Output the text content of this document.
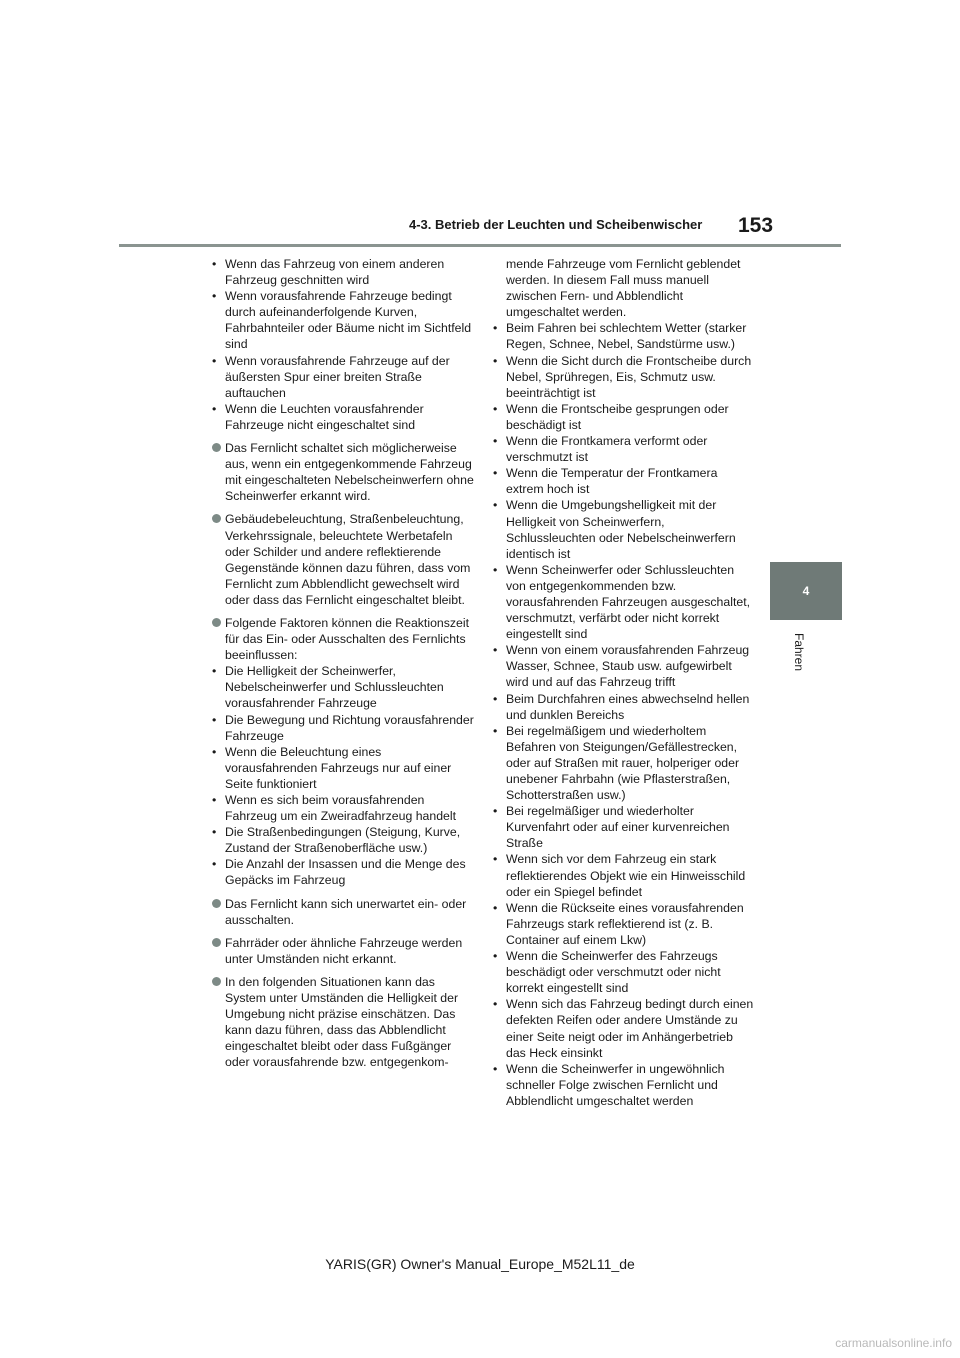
4-3. Betrieb der Leuchten und Scheibenwischer 153
4
Fahren
• Wenn das Fahrzeug von einem anderen Fahrzeug geschnitten wird
• Wenn vorausfahrende Fahrzeuge bedingt durch aufeinanderfolgende Kurven, Fahrbahnteiler oder Bäume nicht im Sichtfeld sind
• Wenn vorausfahrende Fahrzeuge auf der äußersten Spur einer breiten Straße auftauchen
• Wenn die Leuchten vorausfahrender Fahrzeuge nicht eingeschaltet sind
Das Fernlicht schaltet sich möglicherweise aus, wenn ein entgegenkommende Fahrzeug mit eingeschalteten Nebelscheinwerfern ohne Scheinwerfer erkannt wird.
Gebäudebeleuchtung, Straßenbeleuchtung, Verkehrssignale, beleuchtete Werbetafeln oder Schilder und andere reflektierende Gegenstände können dazu führen, dass vom Fernlicht zum Abblendlicht gewechselt wird oder dass das Fernlicht eingeschaltet bleibt.
Folgende Faktoren können die Reaktionszeit für das Ein- oder Ausschalten des Fernlichts beeinflussen:
• Die Helligkeit der Scheinwerfer, Nebelscheinwerfer und Schlussleuchten vorausfahrender Fahrzeuge
• Die Bewegung und Richtung vorausfahrender Fahrzeuge
• Wenn die Beleuchtung eines vorausfahrenden Fahrzeugs nur auf einer Seite funktioniert
• Wenn es sich beim vorausfahrenden Fahrzeug um ein Zweiradfahrzeug handelt
• Die Straßenbedingungen (Steigung, Kurve, Zustand der Straßenoberfläche usw.)
• Die Anzahl der Insassen und die Menge des Gepäcks im Fahrzeug
Das Fernlicht kann sich unerwartet ein- oder ausschalten.
Fahrräder oder ähnliche Fahrzeuge werden unter Umständen nicht erkannt.
In den folgenden Situationen kann das System unter Umständen die Helligkeit der Umgebung nicht präzise einschätzen. Das kann dazu führen, dass das Abblendlicht eingeschaltet bleibt oder dass Fußgänger oder vorausfahrende bzw. entgegenkom-

mende Fahrzeuge vom Fernlicht geblendet werden. In diesem Fall muss manuell zwischen Fern- und Abblendlicht umgeschaltet werden.

• Beim Fahren bei schlechtem Wetter (starker Regen, Schnee, Nebel, Sandstürme usw.)
• Wenn die Sicht durch die Frontscheibe durch Nebel, Sprühregen, Eis, Schmutz usw. beeinträchtigt ist
• Wenn die Frontscheibe gesprungen oder beschädigt ist
• Wenn die Frontkamera verformt oder verschmutzt ist
• Wenn die Temperatur der Frontkamera extrem hoch ist
• Wenn die Umgebungshelligkeit mit der Helligkeit von Scheinwerfern, Schlussleuchten oder Nebelscheinwerfern identisch ist
• Wenn Scheinwerfer oder Schlussleuchten von entgegenkommenden bzw. vorausfahrenden Fahrzeugen ausgeschaltet, verschmutzt, verfärbt oder nicht korrekt eingestellt sind
• Wenn von einem vorausfahrenden Fahrzeug Wasser, Schnee, Staub usw. aufgewirbelt wird und auf das Fahrzeug trifft
• Beim Durchfahren eines abwechselnd hellen und dunklen Bereichs
• Bei regelmäßigem und wiederholtem Befahren von Steigungen/Gefällestrecken, oder auf Straßen mit rauer, holperiger oder unebener Fahrbahn (wie Pflasterstraßen, Schotterstraßen usw.)
• Bei regelmäßiger und wiederholter Kurvenfahrt oder auf einer kurvenreichen Straße
• Wenn sich vor dem Fahrzeug ein stark reflektierendes Objekt wie ein Hinweisschild oder ein Spiegel befindet
• Wenn die Rückseite eines vorausfahrenden Fahrzeugs stark reflektierend ist (z. B. Container auf einem Lkw)
• Wenn die Scheinwerfer des Fahrzeugs beschädigt oder verschmutzt oder nicht korrekt eingestellt sind
• Wenn sich das Fahrzeug bedingt durch einen defekten Reifen oder andere Umstände zu einer Seite neigt oder im Anhängerbetrieb das Heck einsinkt
• Wenn die Scheinwerfer in ungewöhnlich schneller Folge zwischen Fernlicht und Abblendlicht umgeschaltet werden
YARIS(GR) Owner's Manual_Europe_M52L11_de
carmanualsonline.info
